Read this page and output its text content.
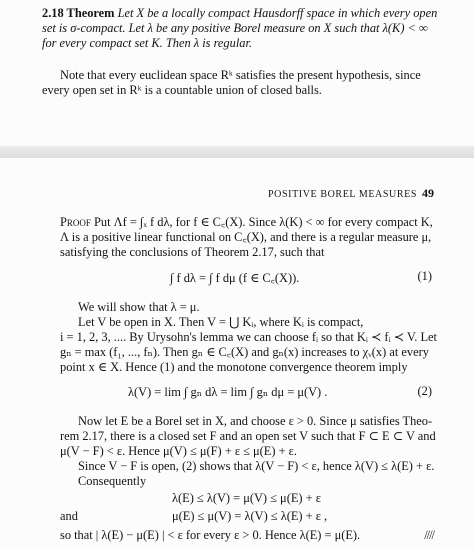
2.18 Theorem Let X be a locally compact Hausdorff space in which every open
set is σ-compact. Let λ be any positive Borel measure on X such that λ(K) < ∞
for every compact set K. Then λ is regular.
Note that every euclidean space Rᵏ satisfies the present hypothesis, since
every open set in Rᵏ is a countable union of closed balls.
POSITIVE BOREL MEASURES 49
Proof Put Λf = ∫ₓ f dλ, for f ∈ C꜀(X). Since λ(K) < ∞ for every compact K,
Λ is a positive linear functional on C꜀(X), and there is a regular measure μ,
satisfying the conclusions of Theorem 2.17, such that
∫ f dλ = ∫ f dμ (f ∈ C꜀(X)).	(1)
We will show that λ = μ.
Let V be open in X. Then V = ⋃ Kᵢ, where Kᵢ is compact,
i = 1, 2, 3, .... By Urysohn's lemma we can choose fᵢ so that Kᵢ ≺ fᵢ ≺ V. Let
gₙ = max (f₁, ..., fₙ). Then gₙ ∈ C꜀(X) and gₙ(x) increases to χᵥ(x) at every
point x ∈ X. Hence (1) and the monotone convergence theorem imply
λ(V) = lim ∫ gₙ dλ = lim ∫ gₙ dμ = μ(V) .	(2)
Now let E be a Borel set in X, and choose ε > 0. Since μ satisfies Theo-
rem 2.17, there is a closed set F and an open set V such that F ⊂ E ⊂ V and
μ(V − F) < ε. Hence μ(V) ≤ μ(F) + ε ≤ μ(E) + ε.
Since V − F is open, (2) shows that λ(V − F) < ε, hence λ(V) ≤ λ(E) + ε.
Consequently
λ(E) ≤ λ(V) = μ(V) ≤ μ(E) + ε
and	μ(E) ≤ μ(V) = λ(V) ≤ λ(E) + ε ,
so that | λ(E) − μ(E) | < ε for every ε > 0. Hence λ(E) = μ(E).	////
